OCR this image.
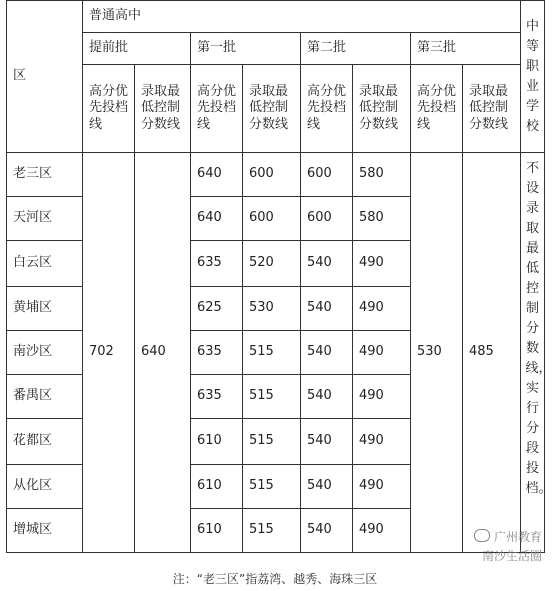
区	普通高中								中等职业学校
	提前批		第一批		第二批		第三批		
	高分优先投档线	录取最低控制分数线	高分优先投档线	录取最低控制分数线	高分优先投档线	录取最低控制分数线	高分优先投档线	录取最低控制分数线	
老三区	702	640	640	600	600	580	530	485	不设录取最低控制分数线，实行分段投档。
天河区			640	600	600	580			
白云区			635	520	540	490			
黄埔区			625	530	540	490			
南沙区			635	515	540	490			
番禺区			635	515	540	490			
花都区			610	515	540	490			
从化区			610	515	540	490			
增城区			610	515	540	490				广州教育
南沙生活圈
注：“老三区”指荔湾、越秀、海珠三区
